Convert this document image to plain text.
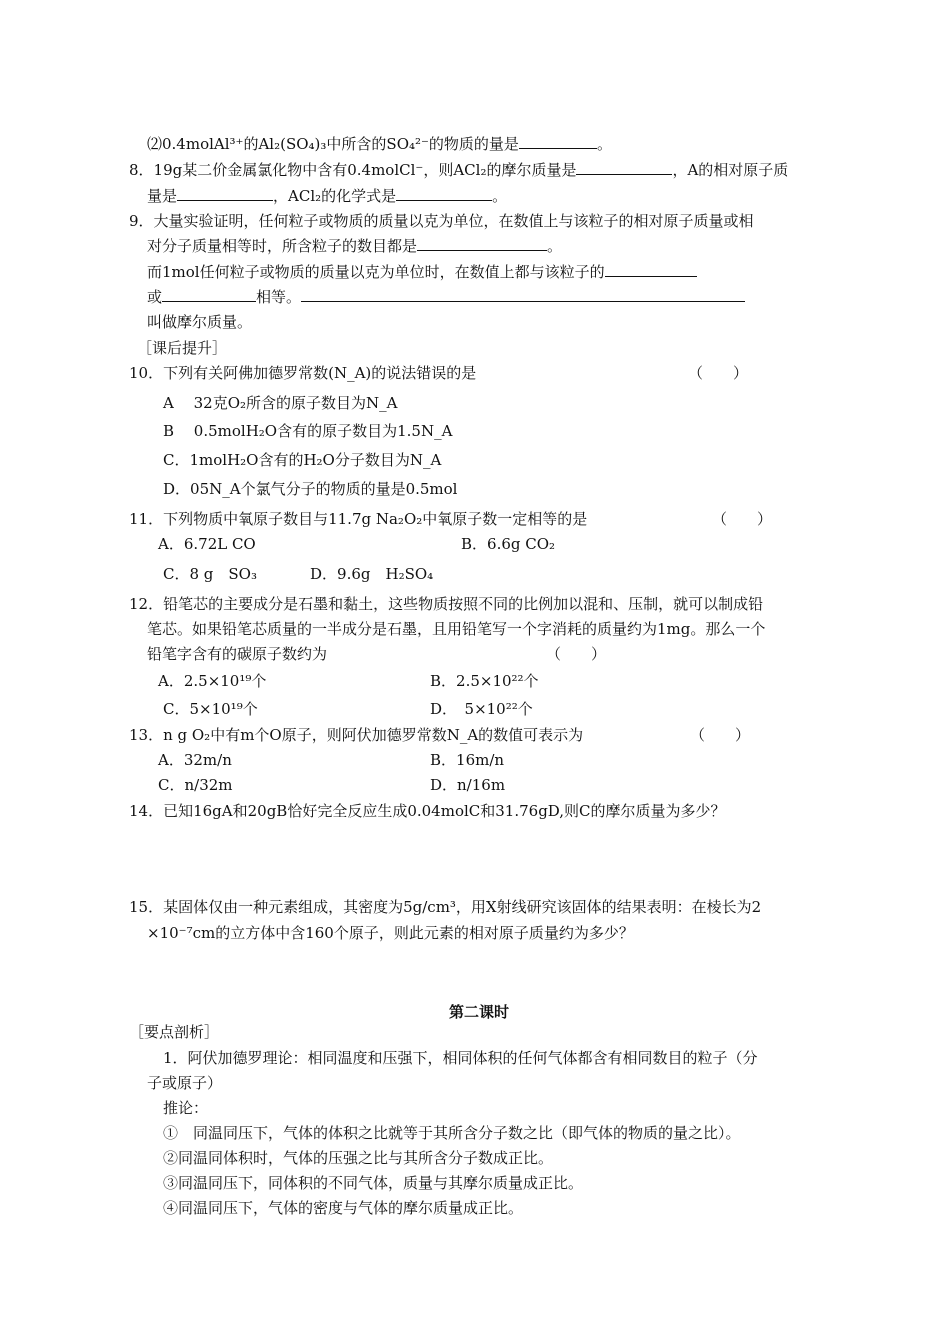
⑵0.4molAl³⁺的Al₂(SO₄)₃中所含的SO₄²⁻的物质的量是	。
8．19g某二价金属氯化物中含有0.4molCl⁻，则ACl₂的摩尔质量是	，A的相对原子质
量是	，ACl₂的化学式是	。
9．大量实验证明，任何粒子或物质的质量以克为单位，在数值上与该粒子的相对原子质量或相
对分子质量相等时，所含粒子的数目都是	。
而1mol任何粒子或物质的质量以克为单位时，在数值上都与该粒子的
或	相等。
叫做摩尔质量。
［课后提升］
10．下列有关阿佛加德罗常数(N_A)的说法错误的是	（　　）
A　 32克O₂所含的原子数目为N_A
B　 0.5molH₂O含有的原子数目为1.5N_A
C．1molH₂O含有的H₂O分子数目为N_A
D．05N_A个氯气分子的物质的量是0.5mol
11．下列物质中氧原子数目与11.7g Na₂O₂中氧原子数一定相等的是	（　　）
A．6.72L CO	B．6.6g CO₂
C．8 g　SO₃	D．9.6g　H₂SO₄
12．铅笔芯的主要成分是石墨和黏土，这些物质按照不同的比例加以混和、压制，就可以制成铅
笔芯。如果铅笔芯质量的一半成分是石墨，且用铅笔写一个字消耗的质量约为1mg。那么一个
铅笔字含有的碳原子数约为	（　　）
A．2.5×10¹⁹个	B．2.5×10²²个
C．5×10¹⁹个	D．　5×10²²个
13．n g O₂中有m个O原子，则阿伏加德罗常数N_A的数值可表示为	（　　）
A．32m/n	B．16m/n
C．n/32m	D．n/16m
14．已知16gA和20gB恰好完全反应生成0.04molC和31.76gD,则C的摩尔质量为多少？
15．某固体仅由一种元素组成，其密度为5g/cm³，用X射线研究该固体的结果表明：在棱长为2
×10⁻⁷cm的立方体中含160个原子，则此元素的相对原子质量约为多少？
第二课时
［要点剖析］
1．阿伏加德罗理论：相同温度和压强下，相同体积的任何气体都含有相同数目的粒子（分
子或原子）
推论：
①　同温同压下，气体的体积之比就等于其所含分子数之比（即气体的物质的量之比）。
②同温同体积时，气体的压强之比与其所含分子数成正比。
③同温同压下，同体积的不同气体，质量与其摩尔质量成正比。
④同温同压下，气体的密度与气体的摩尔质量成正比。
